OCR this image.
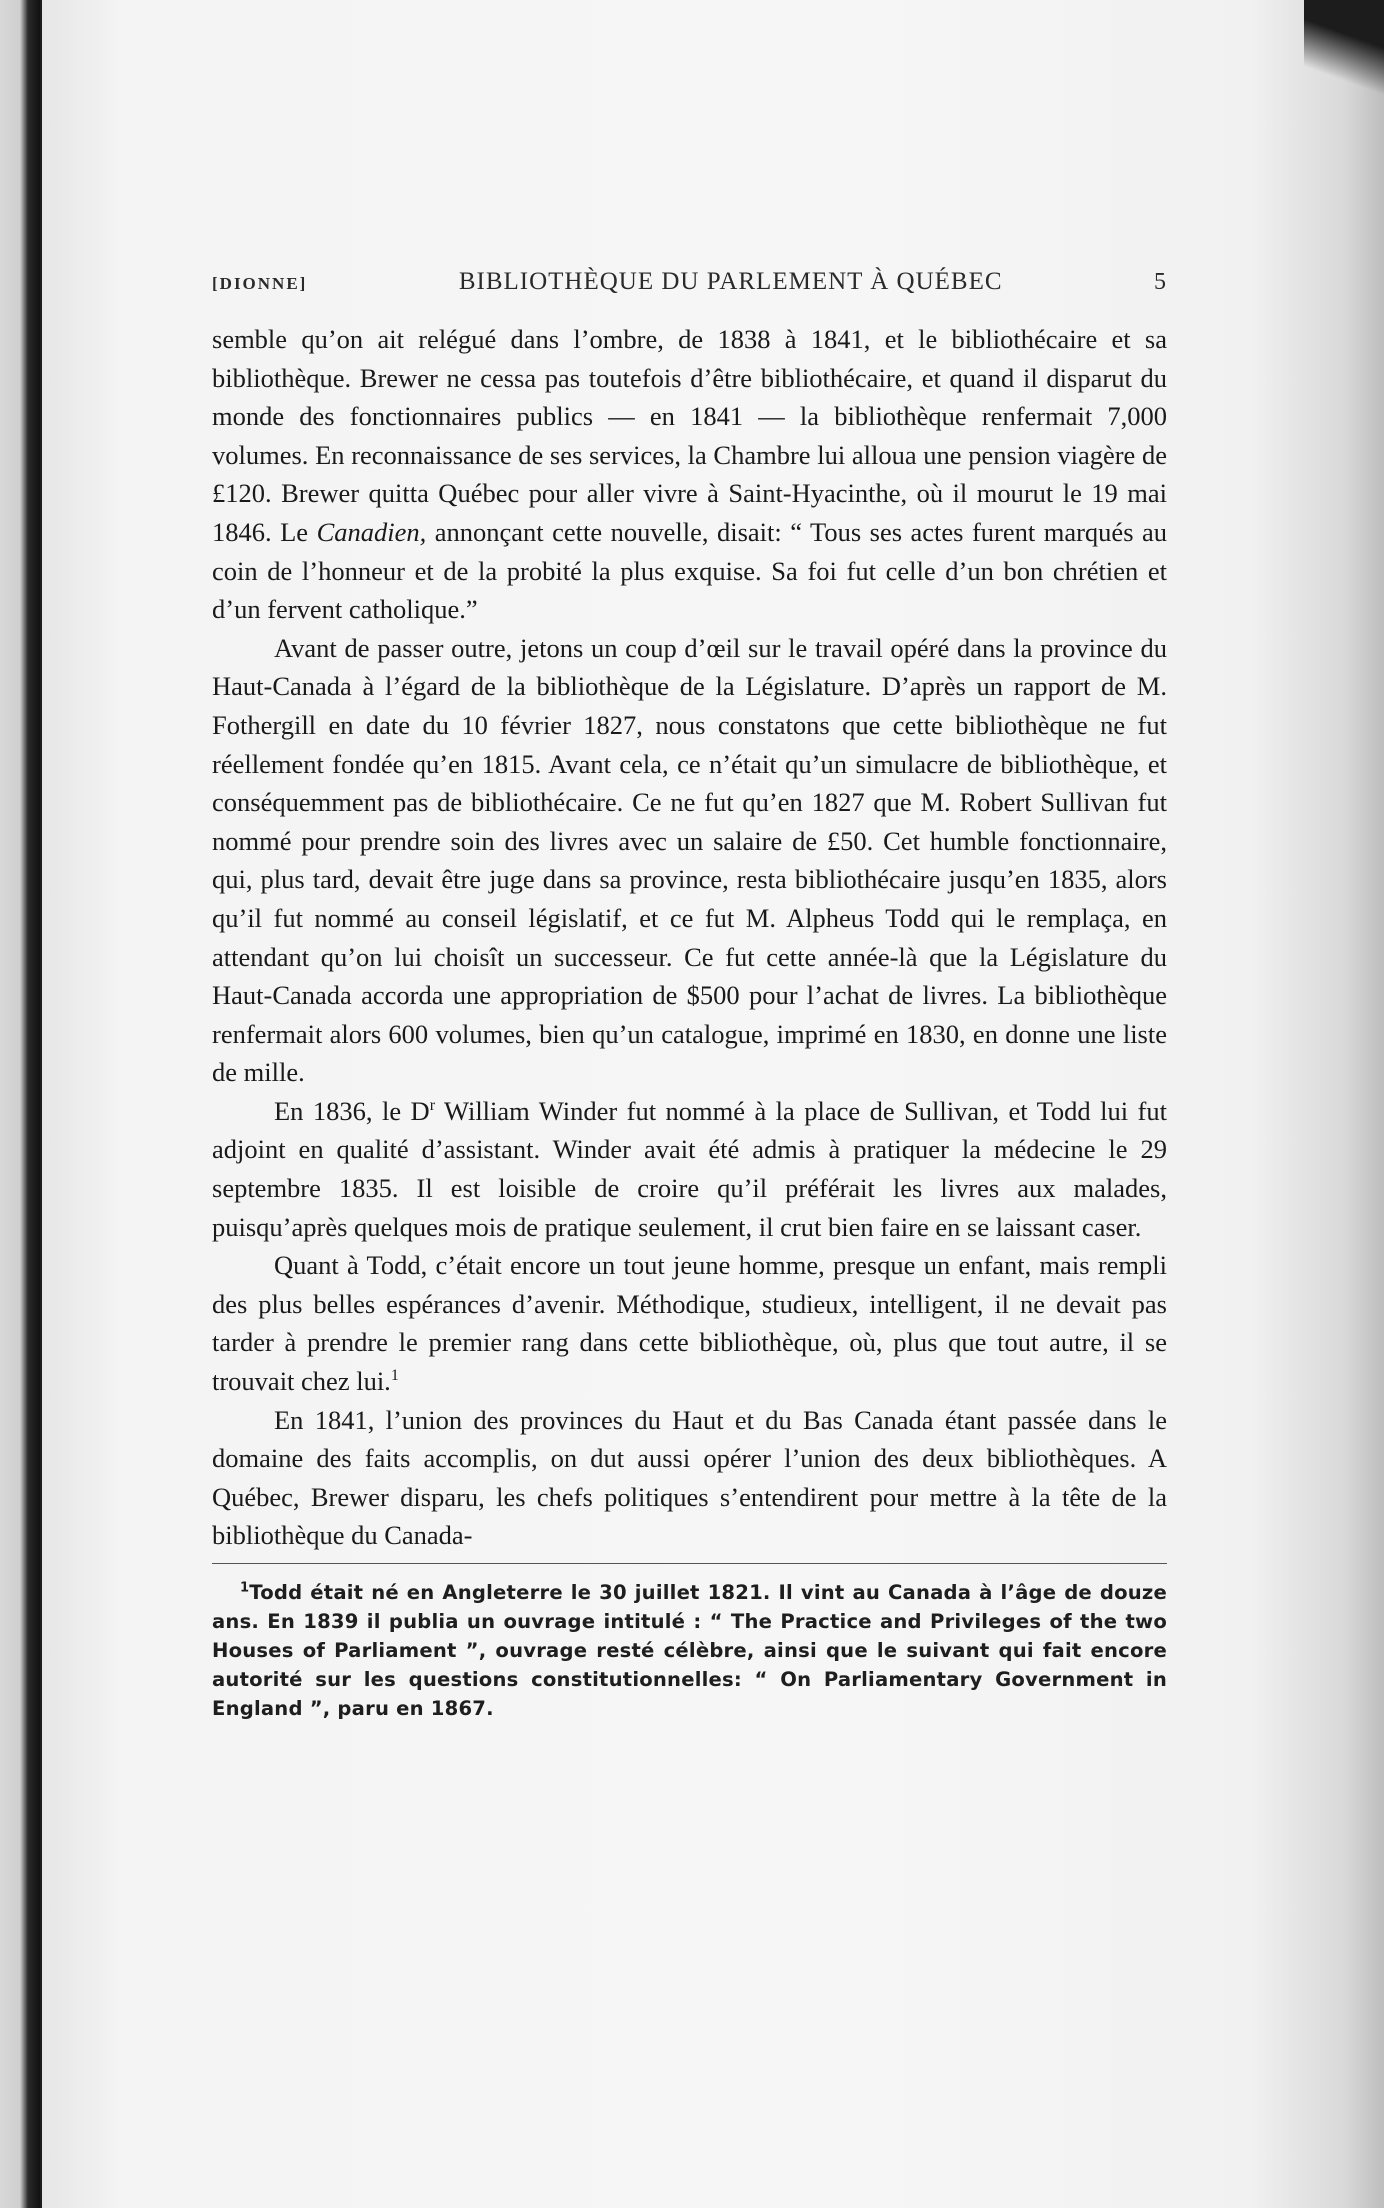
[DIONNE]	BIBLIOTHÈQUE DU PARLEMENT À QUÉBEC	5

semble qu’on ait relégué dans l’ombre, de 1838 à 1841, et le bibliothécaire et sa bibliothèque. Brewer ne cessa pas toutefois d’être bibliothécaire, et quand il disparut du monde des fonctionnaires publics — en 1841 — la bibliothèque renfermait 7,000 volumes. En reconnaissance de ses services, la Chambre lui alloua une pension viagère de £120. Brewer quitta Québec pour aller vivre à Saint-Hyacinthe, où il mourut le 19 mai 1846. Le Canadien, annonçant cette nouvelle, disait: “ Tous ses actes furent marqués au coin de l’honneur et de la probité la plus exquise. Sa foi fut celle d’un bon chrétien et d’un fervent catholique.”

Avant de passer outre, jetons un coup d’œil sur le travail opéré dans la province du Haut-Canada à l’égard de la bibliothèque de la Législature. D’après un rapport de M. Fothergill en date du 10 février 1827, nous constatons que cette bibliothèque ne fut réellement fondée qu’en 1815. Avant cela, ce n’était qu’un simulacre de bibliothèque, et conséquemment pas de bibliothécaire. Ce ne fut qu’en 1827 que M. Robert Sullivan fut nommé pour prendre soin des livres avec un salaire de £50. Cet humble fonctionnaire, qui, plus tard, devait être juge dans sa province, resta bibliothécaire jusqu’en 1835, alors qu’il fut nommé au conseil législatif, et ce fut M. Alpheus Todd qui le remplaça, en attendant qu’on lui choisît un successeur. Ce fut cette année-là que la Législature du Haut-Canada accorda une appropriation de $500 pour l’achat de livres. La bibliothèque renfermait alors 600 volumes, bien qu’un catalogue, imprimé en 1830, en donne une liste de mille.

En 1836, le $D^r$ William Winder fut nommé à la place de Sullivan, et Todd lui fut adjoint en qualité d’assistant. Winder avait été admis à pratiquer la médecine le 29 septembre 1835. Il est loisible de croire qu’il préférait les livres aux malades, puisqu’après quelques mois de pratique seulement, il crut bien faire en se laissant caser.

Quant à Todd, c’était encore un tout jeune homme, presque un enfant, mais rempli des plus belles espérances d’avenir. Méthodique, studieux, intelligent, il ne devait pas tarder à prendre le premier rang dans cette bibliothèque, où, plus que tout autre, il se trouvait chez lui.$^1$

En 1841, l’union des provinces du Haut et du Bas Canada étant passée dans le domaine des faits accomplis, on dut aussi opérer l’union des deux bibliothèques. A Québec, Brewer disparu, les chefs politiques s’entendirent pour mettre à la tête de la bibliothèque du Canada-

$^1$Todd était né en Angleterre le 30 juillet 1821. Il vint au Canada à l’âge de douze ans. En 1839 il publia un ouvrage intitulé : “ The Practice and Privileges of the two Houses of Parliament ”, ouvrage resté célèbre, ainsi que le suivant qui fait encore autorité sur les questions constitutionnelles: “ On Parliamentary Government in England ”, paru en 1867.
